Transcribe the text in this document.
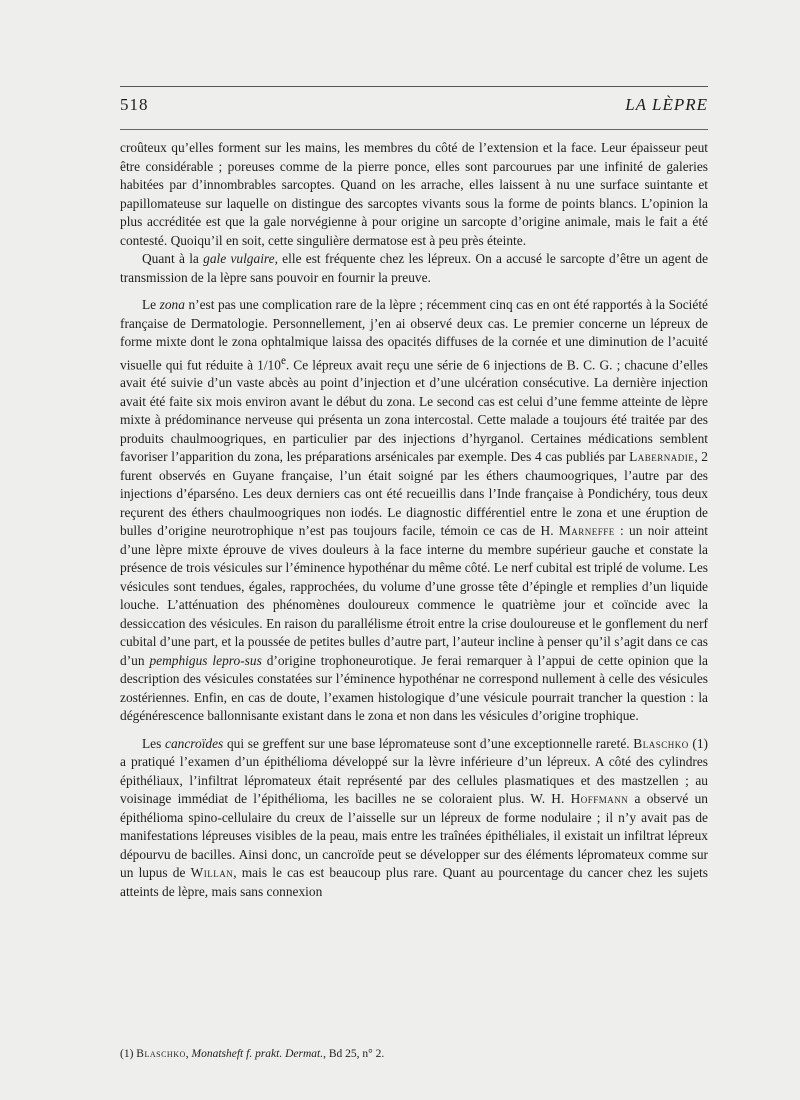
518	LA LÈPRE

croûteux qu’elles forment sur les mains, les membres du côté de l’extension et la face. Leur épaisseur peut être considérable ; poreuses comme de la pierre ponce, elles sont parcourues par une infinité de galeries habitées par d’innombrables sarcoptes. Quand on les arrache, elles laissent à nu une surface suintante et papillomateuse sur laquelle on distingue des sarcoptes vivants sous la forme de points blancs. L’opinion la plus accréditée est que la gale norvégienne à pour origine un sarcopte d’origine animale, mais le fait a été contesté. Quoiqu’il en soit, cette singulière dermatose est à peu près éteinte.

Quant à la gale vulgaire, elle est fréquente chez les lépreux. On a accusé le sarcopte d’être un agent de transmission de la lèpre sans pouvoir en fournir la preuve.

Le zona n’est pas une complication rare de la lèpre ; récemment cinq cas en ont été rapportés à la Société française de Dermatologie. Personnellement, j’en ai observé deux cas. Le premier concerne un lépreux de forme mixte dont le zona ophtalmique laissa des opacités diffuses de la cornée et une diminution de l’acuité visuelle qui fut réduite à 1/10e. Ce lépreux avait reçu une série de 6 injections de B. C. G. ; chacune d’elles avait été suivie d’un vaste abcès au point d’injection et d’une ulcération consécutive. La dernière injection avait été faite six mois environ avant le début du zona. Le second cas est celui d’une femme atteinte de lèpre mixte à prédominance nerveuse qui présenta un zona intercostal. Cette malade a toujours été traitée par des produits chaulmoogriques, en particulier par des injections d’hyrganol. Certaines médications semblent favoriser l’apparition du zona, les préparations arsénicales par exemple. Des 4 cas publiés par Labernadie, 2 furent observés en Guyane française, l’un était soigné par les éthers chaumoogriques, l’autre par des injections d’éparséno. Les deux derniers cas ont été recueillis dans l’Inde française à Pondichéry, tous deux reçurent des éthers chaulmoogriques non iodés. Le diagnostic différentiel entre le zona et une éruption de bulles d’origine neurotrophique n’est pas toujours facile, témoin ce cas de H. Marneffe : un noir atteint d’une lèpre mixte éprouve de vives douleurs à la face interne du membre supérieur gauche et constate la présence de trois vésicules sur l’éminence hypothénar du même côté. Le nerf cubital est triplé de volume. Les vésicules sont tendues, égales, rapprochées, du volume d’une grosse tête d’épingle et remplies d’un liquide louche. L’atténuation des phénomènes douloureux commence le quatrième jour et coïncide avec la dessiccation des vésicules. En raison du parallélisme étroit entre la crise douloureuse et le gonflement du nerf cubital d’une part, et la poussée de petites bulles d’autre part, l’auteur incline à penser qu’il s’agit dans ce cas d’un pemphigus lepro-sus d’origine trophoneurotique. Je ferai remarquer à l’appui de cette opinion que la description des vésicules constatées sur l’éminence hypothénar ne correspond nullement à celle des vésicules zostériennes. Enfin, en cas de doute, l’examen histologique d’une vésicule pourrait trancher la question : la dégénérescence ballonnisante existant dans le zona et non dans les vésicules d’origine trophique.

Les cancroïdes qui se greffent sur une base lépromateuse sont d’une exceptionnelle rareté. Blaschko (1) a pratiqué l’examen d’un épithélioma développé sur la lèvre inférieure d’un lépreux. A côté des cylindres épithéliaux, l’infiltrat lépromateux était représenté par des cellules plasmatiques et des mastzellen ; au voisinage immédiat de l’épithélioma, les bacilles ne se coloraient plus. W. H. Hoffmann a observé un épithélioma spino-cellulaire du creux de l’aisselle sur un lépreux de forme nodulaire ; il n’y avait pas de manifestations lépreuses visibles de la peau, mais entre les traînées épithéliales, il existait un infiltrat lépreux dépourvu de bacilles. Ainsi donc, un cancroïde peut se développer sur des éléments lépromateux comme sur un lupus de Willan, mais le cas est beaucoup plus rare. Quant au pourcentage du cancer chez les sujets atteints de lèpre, mais sans connexion

(1) Blaschko, Monatsheft f. prakt. Dermat., Bd 25, n° 2.
